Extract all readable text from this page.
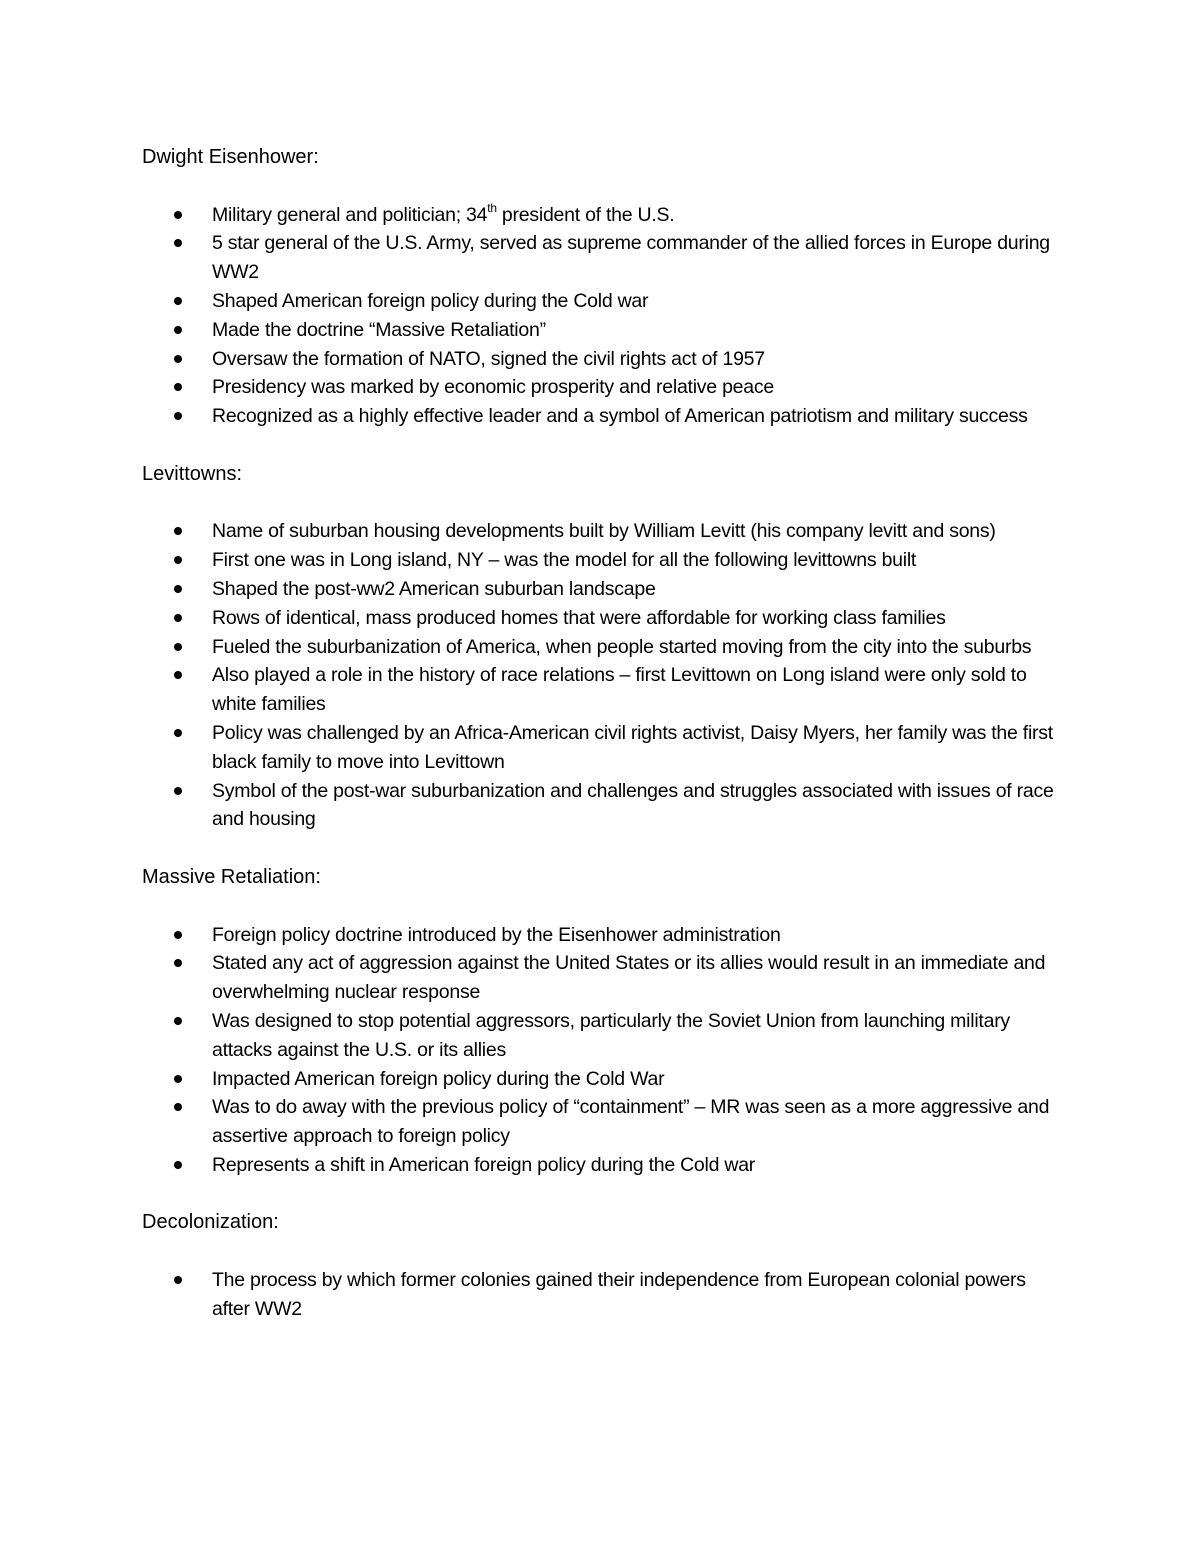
Dwight Eisenhower:
Military general and politician; 34th president of the U.S.
5 star general of the U.S. Army, served as supreme commander of the allied forces in Europe during WW2
Shaped American foreign policy during the Cold war
Made the doctrine “Massive Retaliation”
Oversaw the formation of NATO, signed the civil rights act of 1957
Presidency was marked by economic prosperity and relative peace
Recognized as a highly effective leader and a symbol of American patriotism and military success
Levittowns:
Name of suburban housing developments built by William Levitt (his company levitt and sons)
First one was in Long island, NY – was the model for all the following levittowns built
Shaped the post-ww2 American suburban landscape
Rows of identical, mass produced homes that were affordable for working class families
Fueled the suburbanization of America, when people started moving from the city into the suburbs
Also played a role in the history of race relations – first Levittown on Long island were only sold to white families
Policy was challenged by an Africa-American civil rights activist, Daisy Myers, her family was the first black family to move into Levittown
Symbol of the post-war suburbanization and challenges and struggles associated with issues of race and housing
Massive Retaliation:
Foreign policy doctrine introduced by the Eisenhower administration
Stated any act of aggression against the United States or its allies would result in an immediate and overwhelming nuclear response
Was designed to stop potential aggressors, particularly the Soviet Union from launching military attacks against the U.S. or its allies
Impacted American foreign policy during the Cold War
Was to do away with the previous policy of “containment” – MR was seen as a more aggressive and assertive approach to foreign policy
Represents a shift in American foreign policy during the Cold war
Decolonization:
The process by which former colonies gained their independence from European colonial powers after WW2
